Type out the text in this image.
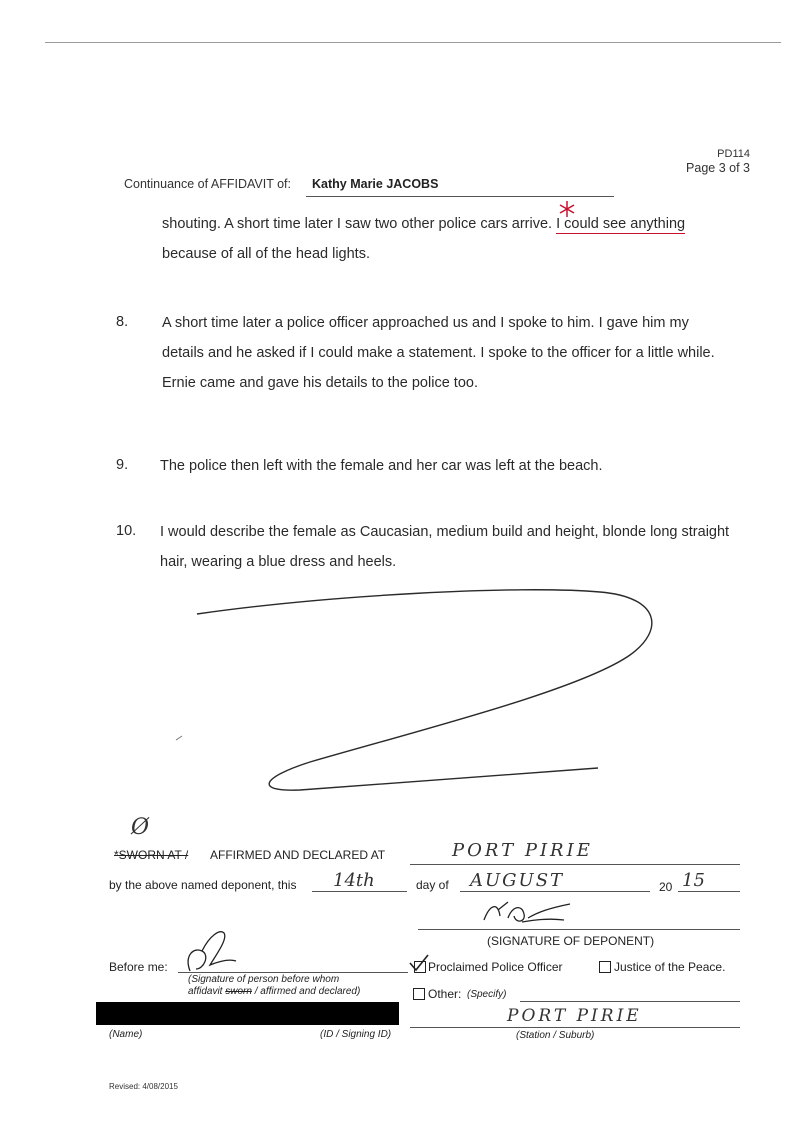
PD114
Page 3 of 3
Continuance of AFFIDAVIT of: Kathy Marie JACOBS
shouting. A short time later I saw two other police cars arrive. I could see anything
because of all of the head lights.
8. A short time later a police officer approached us and I spoke to him. I gave him my
details and he asked if I could make a statement. I spoke to the officer for a little while.
Ernie came and gave his details to the police too.
9. The police then left with the female and her car was left at the beach.
10. I would describe the female as Caucasian, medium build and height, blonde long straight
hair, wearing a blue dress and heels.
Ø
*SWORN AT / AFFIRMED AND DECLARED AT	PORT PIRIE
by the above named deponent, this 14th	day of AUGUST	20 15
(SIGNATURE OF DEPONENT)
Before me:
(Signature of person before whom
affidavit sworn / affirmed and declared)
Proclaimed Police Officer	Justice of the Peace.
Other: (Specify)
PORT PIRIE
(Name)	(ID / Signing ID)	(Station / Suburb)
Revised: 4/08/2015
